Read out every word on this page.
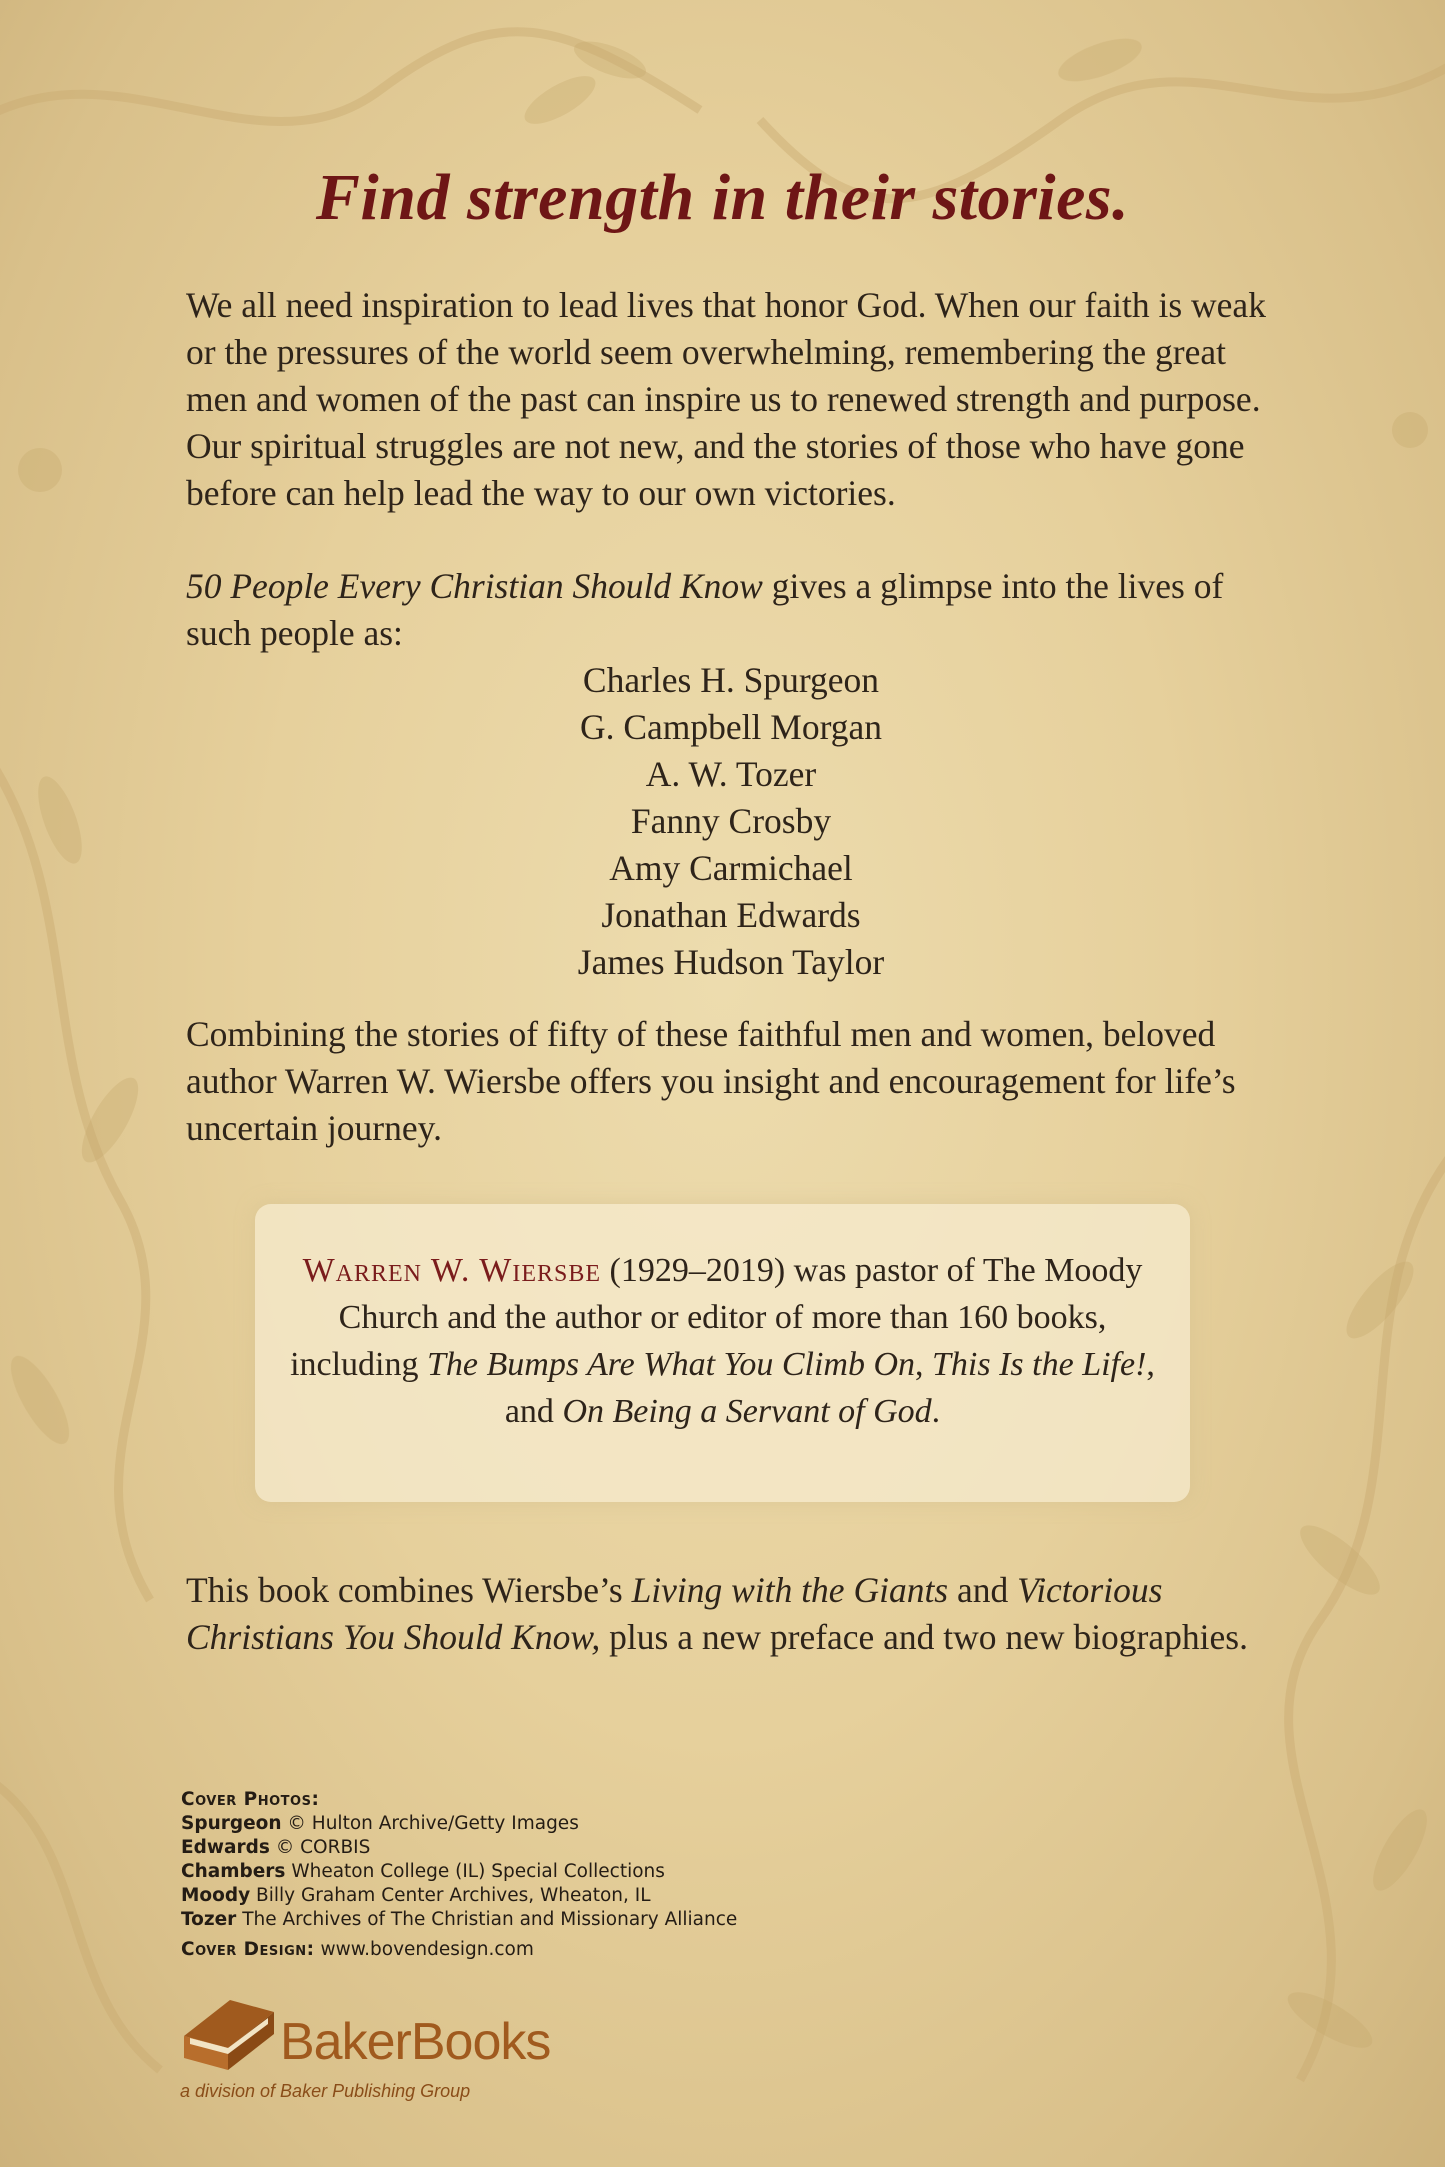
Find strength in their stories.
We all need inspiration to lead lives that honor God. When our faith is weak or the pressures of the world seem overwhelming, remembering the great men and women of the past can inspire us to renewed strength and purpose. Our spiritual struggles are not new, and the stories of those who have gone before can help lead the way to our own victories.
50 People Every Christian Should Know gives a glimpse into the lives of such people as:
Charles H. Spurgeon
G. Campbell Morgan
A. W. Tozer
Fanny Crosby
Amy Carmichael
Jonathan Edwards
James Hudson Taylor
Combining the stories of fifty of these faithful men and women, beloved author Warren W. Wiersbe offers you insight and encouragement for life’s uncertain journey.
Warren W. Wiersbe (1929–2019) was pastor of The Moody Church and the author or editor of more than 160 books, including The Bumps Are What You Climb On, This Is the Life!, and On Being a Servant of God.
This book combines Wiersbe’s Living with the Giants and Victorious Christians You Should Know, plus a new preface and two new biographies.
Cover Photos:
Spurgeon © Hulton Archive/Getty Images
Edwards © CORBIS
Chambers Wheaton College (IL) Special Collections
Moody Billy Graham Center Archives, Wheaton, IL
Tozer The Archives of The Christian and Missionary Alliance
Cover Design: www.bovendesign.com
BakerBooks
a division of Baker Publishing Group
